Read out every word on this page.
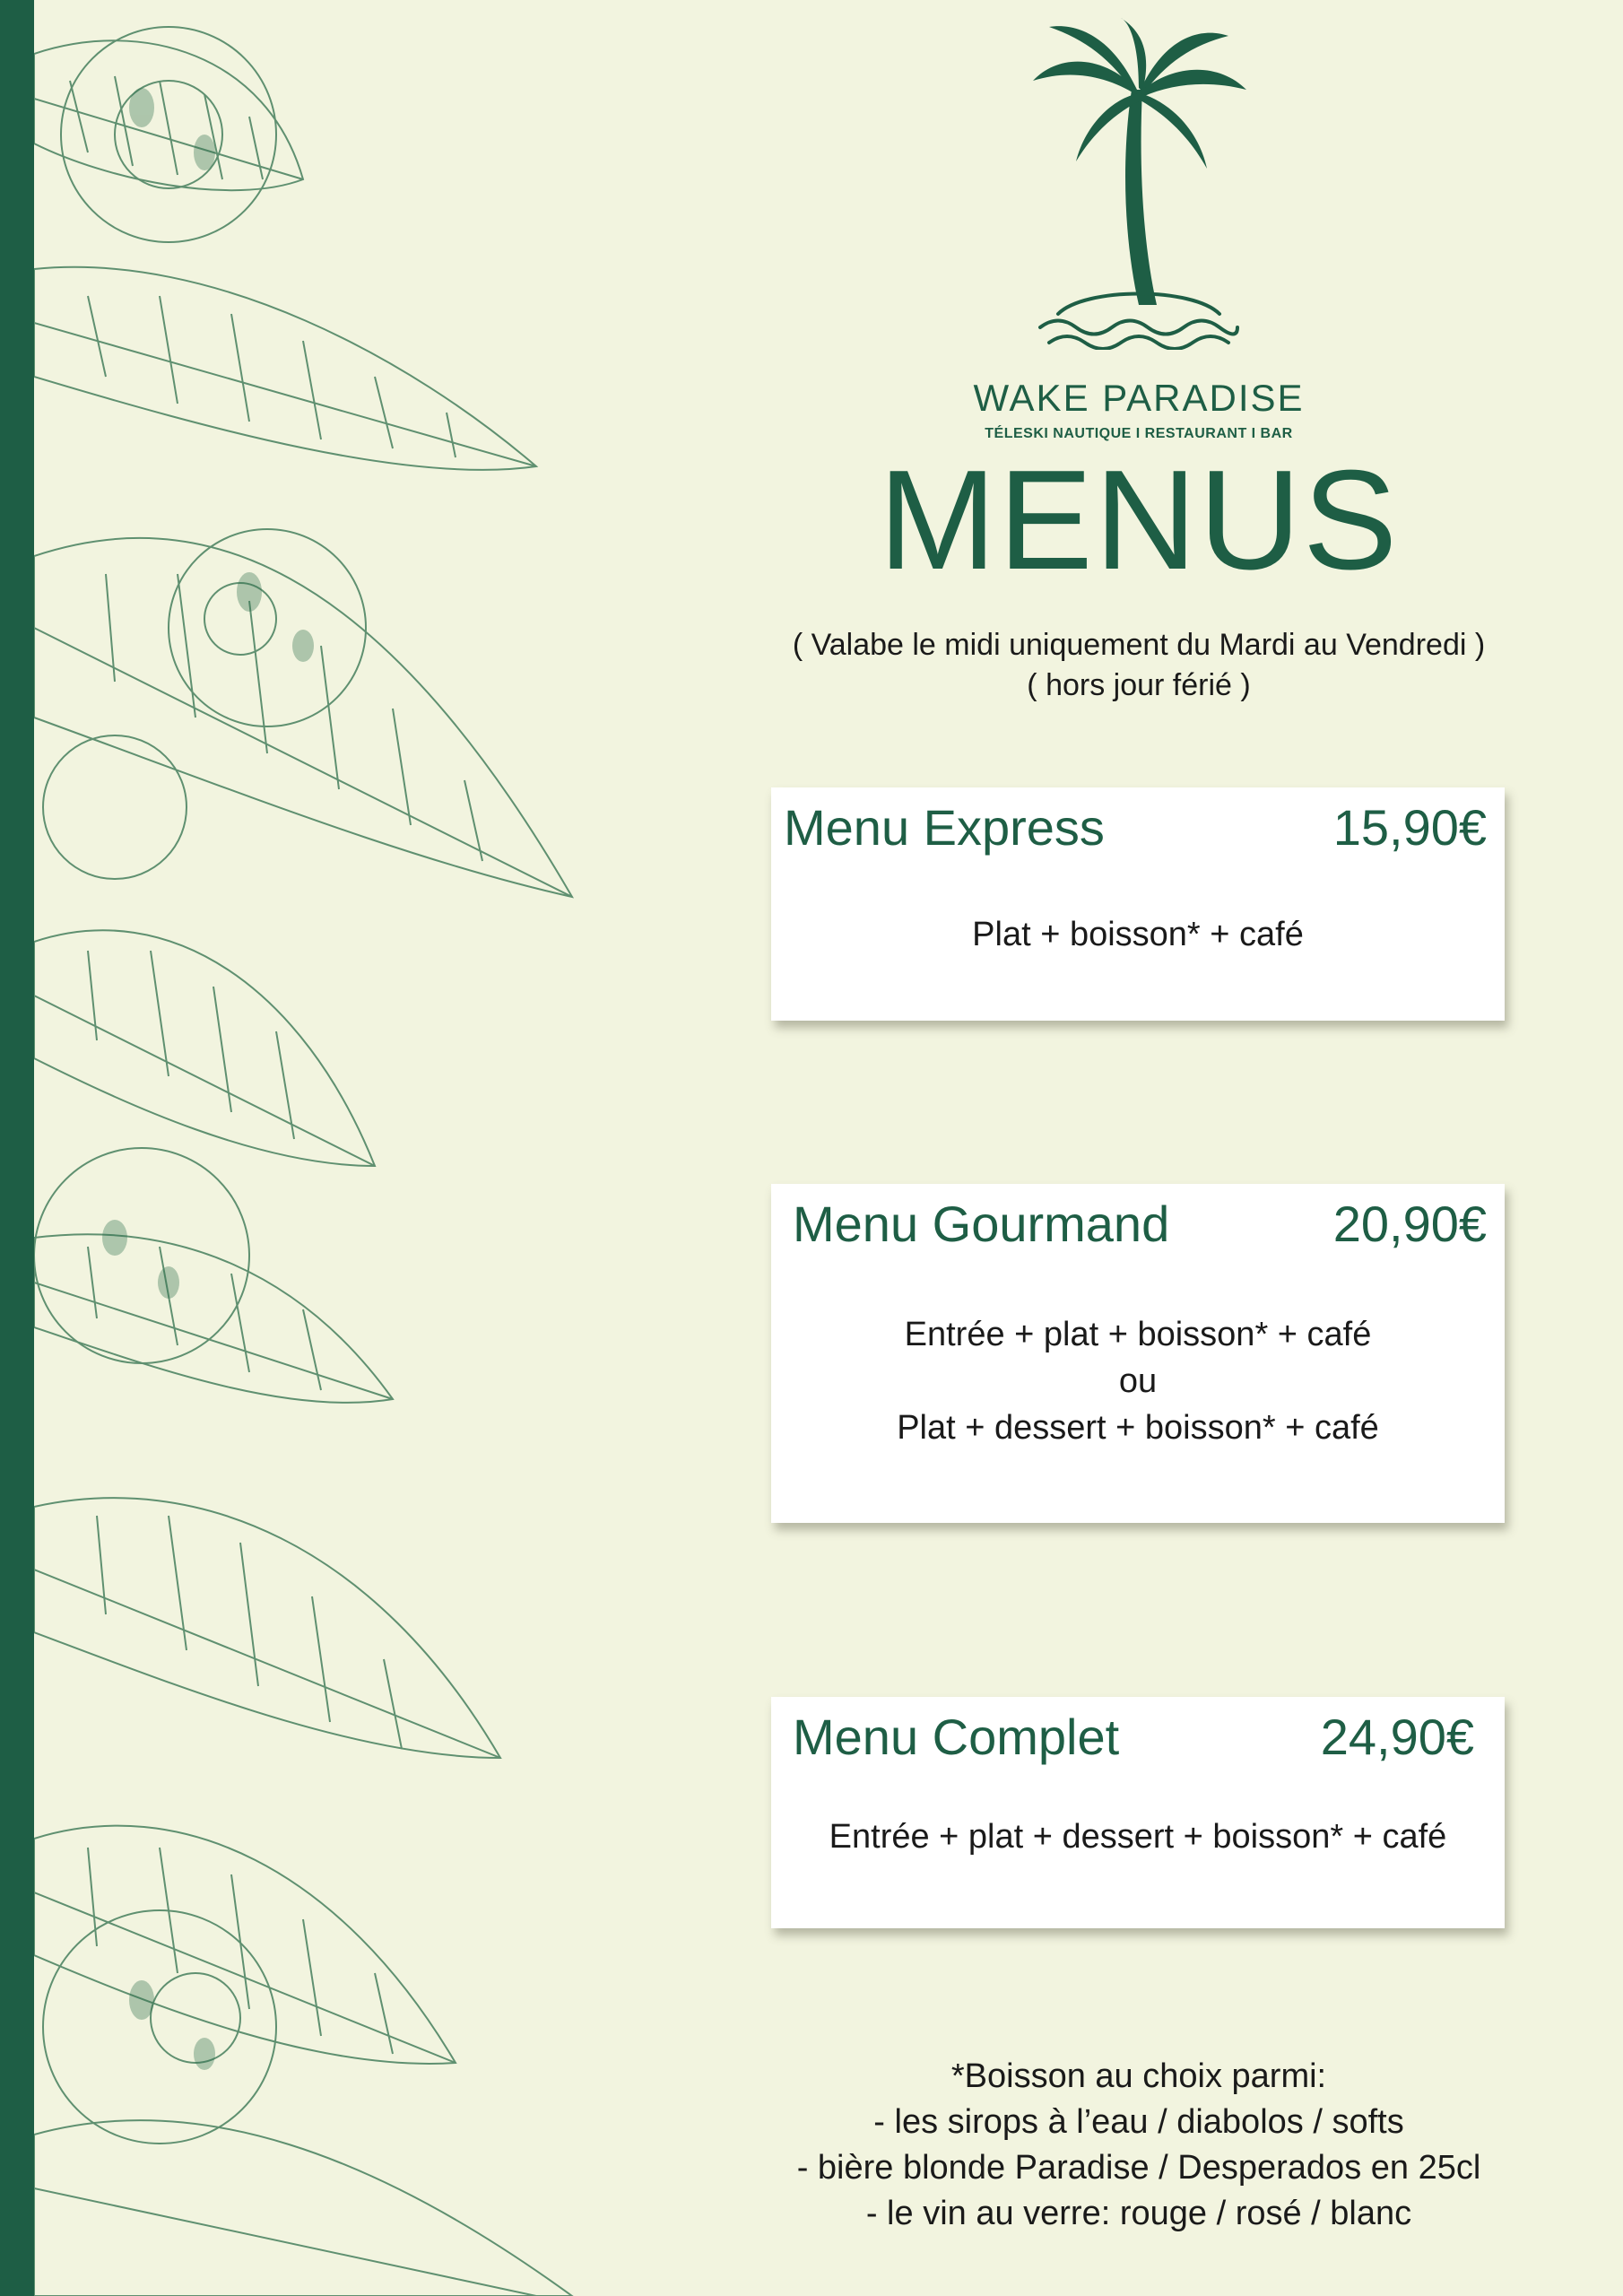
WAKE PARADISE
TÉLESKI NAUTIQUE I RESTAURANT I BAR
MENUS
( Valabe le midi uniquement du Mardi au Vendredi )
( hors jour férié )
Menu Express	15,90€
Plat + boisson* + café
Menu Gourmand	20,90€
Entrée + plat + boisson* + café
ou
Plat + dessert + boisson* + café
Menu Complet	24,90€
Entrée + plat + dessert + boisson* + café
*Boisson au choix parmi:
- les sirops à l’eau / diabolos / softs
- bière blonde Paradise / Desperados en 25cl
- le vin au verre: rouge / rosé / blanc
